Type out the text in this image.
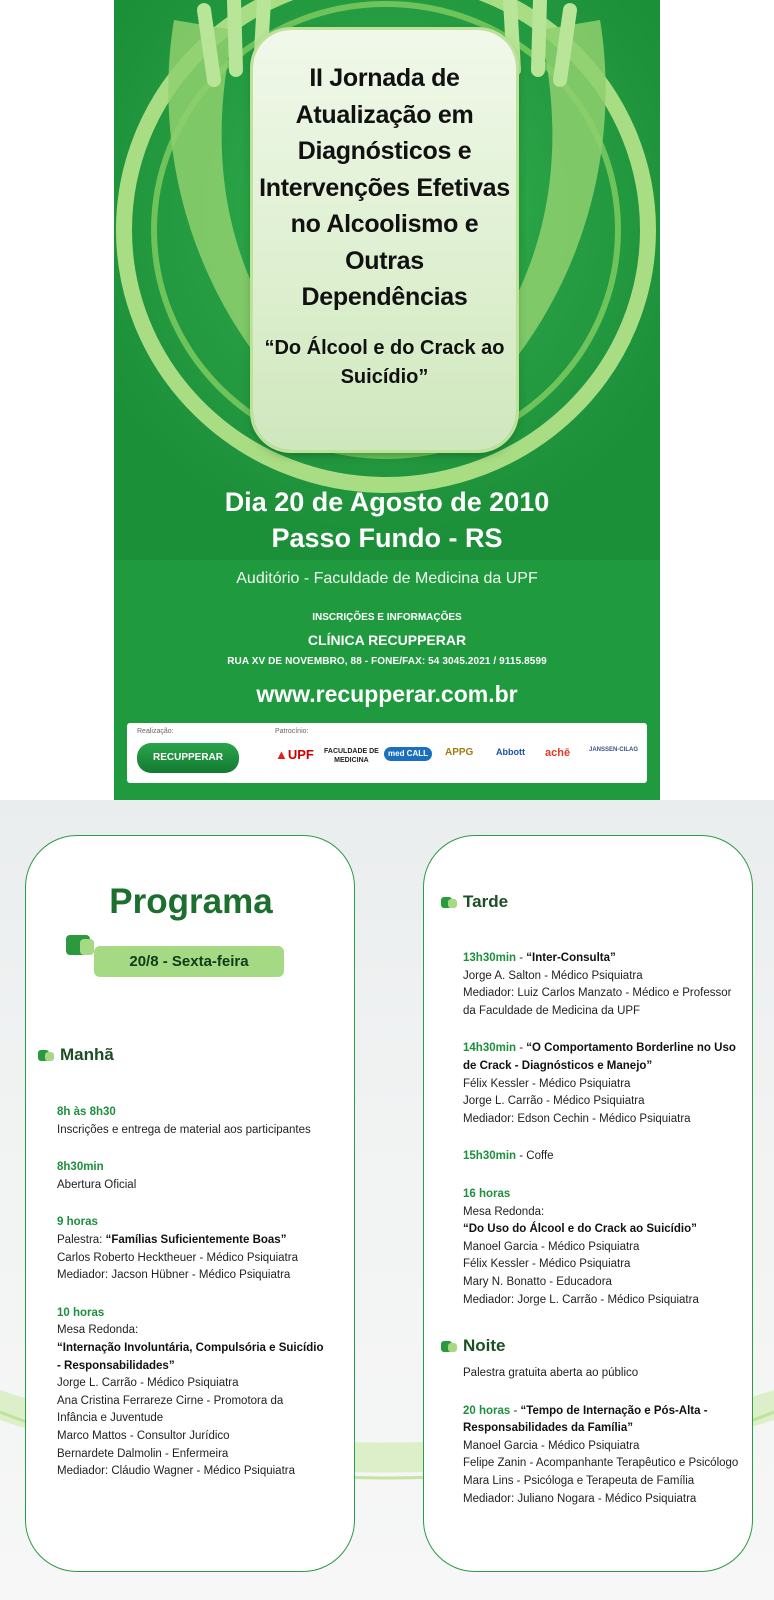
II Jornada de Atualização em Diagnósticos e Intervenções Efetivas no Alcoolismo e Outras Dependências
“Do Álcool e do Crack ao Suicídio”
Dia 20 de Agosto de 2010
Passo Fundo - RS
Auditório - Faculdade de Medicina da UPF
INSCRIÇÕES E INFORMAÇÕES
CLÍNICA RECUPPERAR
RUA XV DE NOVEMBRO, 88 - FONE/FAX: 54 3045.2021 / 9115.8599
www.recupperar.com.br
Realização:	Patrocínio:
RECUPPERAR	▲UPF FACULDADE DE
MEDICINA
med CALL	APPG	Abbott achē	JANSSEN-CILAG
Programa
20/8 - Sexta-feira
Manhã
8h às 8h30
Inscrições e entrega de material aos participantes
8h30min
Abertura Oficial
9 horas
Palestra: “Famílias Suficientemente Boas”
Carlos Roberto Hecktheuer - Médico Psiquiatra
Mediador: Jacson Hübner - Médico Psiquiatra
10 horas
Mesa Redonda:
“Internação Involuntária, Compulsória e Suicídio
- Responsabilidades”
Jorge L. Carrão - Médico Psiquiatra
Ana Cristina Ferrareze Cirne - Promotora da
Infância e Juventude
Marco Mattos - Consultor Jurídico
Bernardete Dalmolin - Enfermeira
Mediador: Cláudio Wagner - Médico Psiquiatra
Tarde
13h30min - “Inter-Consulta”
Jorge A. Salton - Médico Psiquiatra
Mediador: Luiz Carlos Manzato - Médico e Professor
da Faculdade de Medicina da UPF
14h30min - “O Comportamento Borderline no Uso
de Crack - Diagnósticos e Manejo”
Félix Kessler - Médico Psiquiatra
Jorge L. Carrão - Médico Psiquiatra
Mediador: Edson Cechin - Médico Psiquiatra
15h30min - Coffe
16 horas
Mesa Redonda:
“Do Uso do Álcool e do Crack ao Suicídio”
Manoel Garcia - Médico Psiquiatra
Félix Kessler - Médico Psiquiatra
Mary N. Bonatto - Educadora
Mediador: Jorge L. Carrão - Médico Psiquiatra
Noite
Palestra gratuita aberta ao público
20 horas - “Tempo de Internação e Pós-Alta -
Responsabilidades da Família”
Manoel Garcia - Médico Psiquiatra
Felipe Zanin - Acompanhante Terapêutico e Psicólogo
Mara Lins - Psicóloga e Terapeuta de Família
Mediador: Juliano Nogara - Médico Psiquiatra
